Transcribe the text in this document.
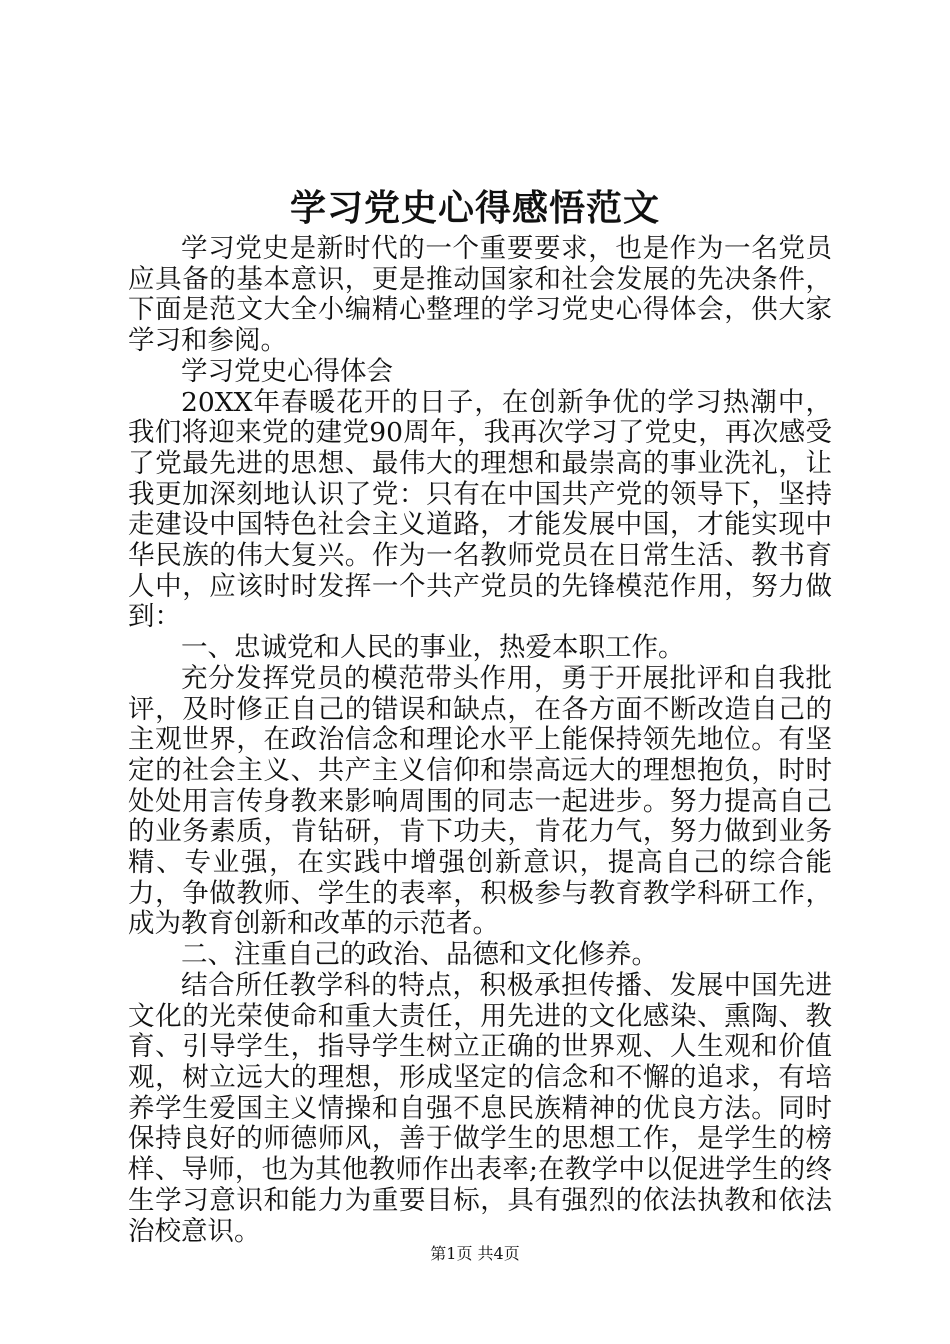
学习党史心得感悟范文

学习党史是新时代的一个重要要求，也是作为一名党员应具备的基本意识，更是推动国家和社会发展的先决条件，下面是范文大全小编精心整理的学习党史心得体会，供大家学习和参阅。

学习党史心得体会

20XX年春暖花开的日子，在创新争优的学习热潮中，我们将迎来党的建党90周年，我再次学习了党史，再次感受了党最先进的思想、最伟大的理想和最崇高的事业洗礼，让我更加深刻地认识了党：只有在中国共产党的领导下，坚持走建设中国特色社会主义道路，才能发展中国，才能实现中华民族的伟大复兴。作为一名教师党员在日常生活、教书育人中，应该时时发挥一个共产党员的先锋模范作用，努力做到：

一、忠诚党和人民的事业，热爱本职工作。

充分发挥党员的模范带头作用，勇于开展批评和自我批评，及时修正自己的错误和缺点，在各方面不断改造自己的主观世界，在政治信念和理论水平上能保持领先地位。有坚定的社会主义、共产主义信仰和崇高远大的理想抱负，时时处处用言传身教来影响周围的同志一起进步。努力提高自己的业务素质，肯钻研，肯下功夫，肯花力气，努力做到业务精、专业强，在实践中增强创新意识，提高自己的综合能力，争做教师、学生的表率，积极参与教育教学科研工作，成为教育创新和改革的示范者。

二、注重自己的政治、品德和文化修养。

结合所任教学科的特点，积极承担传播、发展中国先进文化的光荣使命和重大责任，用先进的文化感染、熏陶、教育、引导学生，指导学生树立正确的世界观、人生观和价值观，树立远大的理想，形成坚定的信念和不懈的追求，有培养学生爱国主义情操和自强不息民族精神的优良方法。同时保持良好的师德师风，善于做学生的思想工作，是学生的榜样、导师，也为其他教师作出表率;在教学中以促进学生的终生学习意识和能力为重要目标，具有强烈的依法执教和依法治校意识。

第1页 共4页
